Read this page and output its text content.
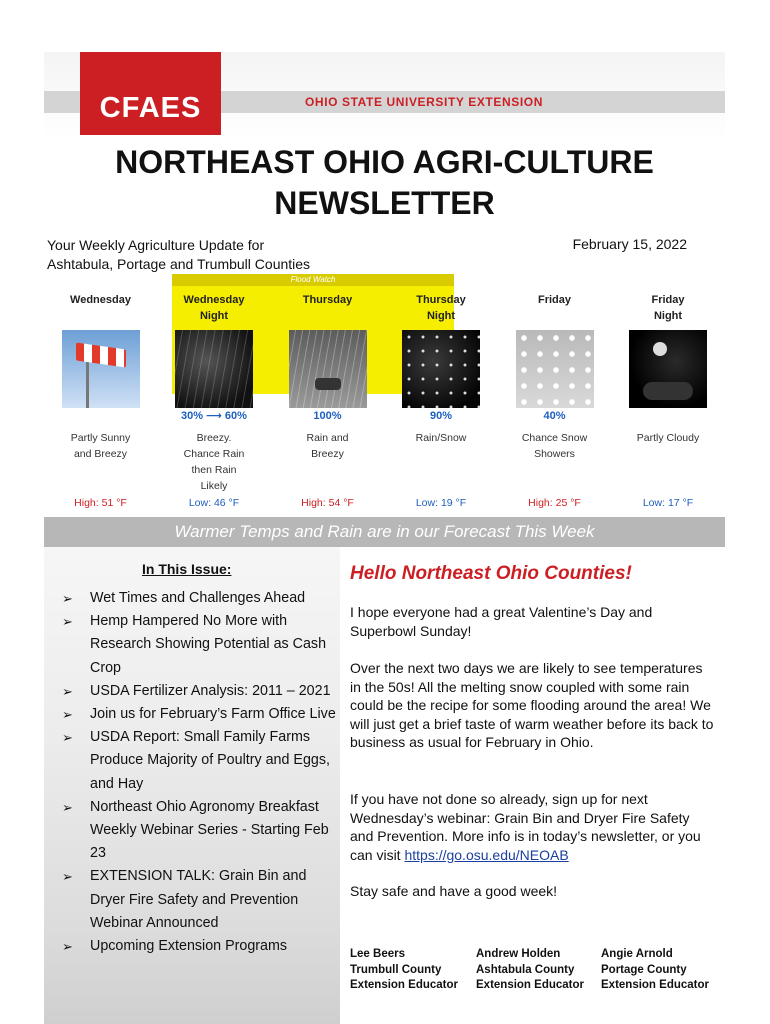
CFAES	OHIO STATE UNIVERSITY EXTENSION
NORTHEAST OHIO AGRI-CULTURE
NEWSLETTER
Your Weekly Agriculture Update for
Ashtabula, Portage and Trumbull Counties
February 15, 2022
Flood Watch
Wednesday
Partly Sunny
and Breezy
High: 51 °F
Wednesday
Night
30% ⟶ 60%
Breezy.
Chance Rain
then Rain
Likely
Low: 46 °F
Thursday
100%
Rain and
Breezy
High: 54 °F
Thursday
Night
90%
Rain/Snow
Low: 19 °F
Friday
40%
Chance Snow
Showers
High: 25 °F
Friday
Night
Partly Cloudy
Low: 17 °F
Warmer Temps and Rain are in our Forecast This Week
In This Issue:
➢ Wet Times and Challenges Ahead
➢ Hemp Hampered No More with Research Showing Potential as Cash Crop
➢ USDA Fertilizer Analysis: 2011 – 2021
➢ Join us for February’s Farm Office Live
➢ USDA Report: Small Family Farms Produce Majority of Poultry and Eggs, and Hay
➢ Northeast Ohio Agronomy Breakfast Weekly Webinar Series - Starting Feb 23
➢ EXTENSION TALK: Grain Bin and Dryer Fire Safety and Prevention Webinar Announced
➢ Upcoming Extension Programs
Hello Northeast Ohio Counties!
I hope everyone had a great Valentine’s Day and Superbowl Sunday!
Over the next two days we are likely to see temperatures in the 50s! All the melting snow coupled with some rain could be the recipe for some flooding around the area! We will just get a brief taste of warm weather before its back to business as usual for February in Ohio.
If you have not done so already, sign up for next Wednesday’s webinar: Grain Bin and Dryer Fire Safety and Prevention. More info is in today’s newsletter, or you can visit https://go.osu.edu/NEOAB
Stay safe and have a good week!
Lee Beers
Trumbull County
Extension Educator
Andrew Holden
Ashtabula County
Extension Educator
Angie Arnold
Portage County
Extension Educator
